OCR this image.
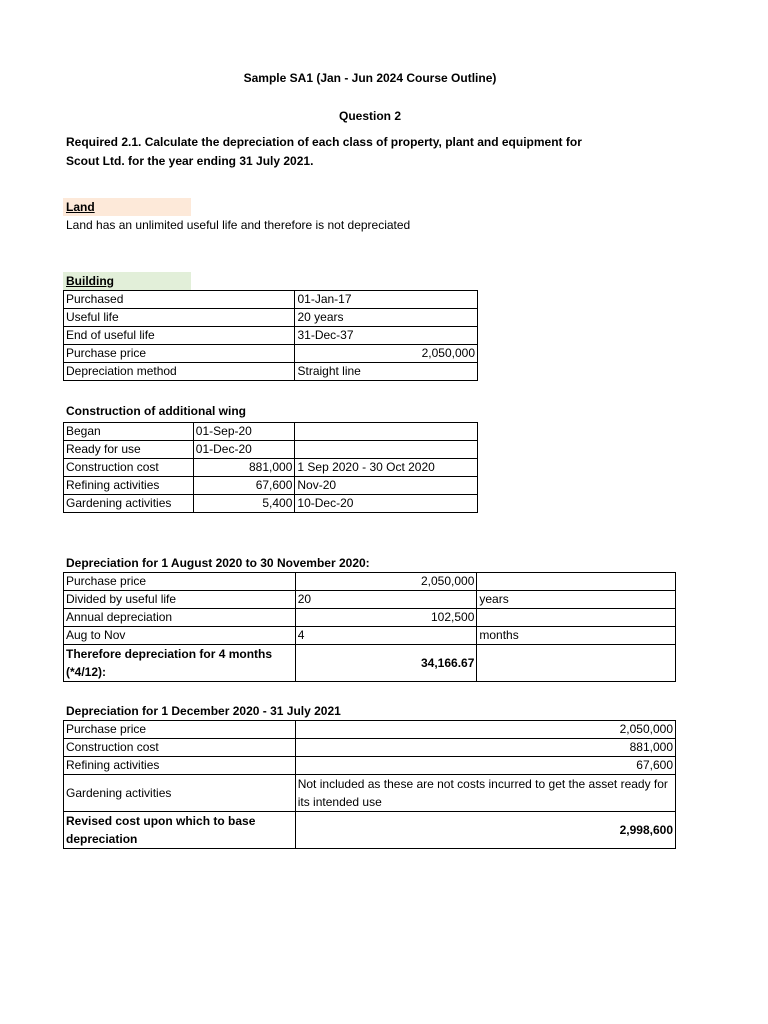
Sample SA1 (Jan - Jun 2024 Course Outline)
Question 2
Required 2.1. Calculate the depreciation of each class of property, plant and equipment for
Scout Ltd. for the year ending 31 July 2021.
Land
Land has an unlimited useful life and therefore is not depreciated
Building
Purchased	01-Jan-17
Useful life	20 years
End of useful life	31-Dec-37
Purchase price	2,050,000
Depreciation method	Straight line
Construction of additional wing
Began	01-Sep-20	
Ready for use	01-Dec-20	
Construction cost	881,000	1 Sep 2020 - 30 Oct 2020
Refining activities	67,600	Nov-20
Gardening activities	5,400	10-Dec-20
Depreciation for 1 August 2020 to 30 November 2020:
Purchase price	2,050,000	
Divided by useful life	20	years
Annual depreciation	102,500	
Aug to Nov	4	months
Therefore depreciation for 4 months (*4/12):	34,166.67	
Depreciation for 1 December 2020 - 31 July 2021
Purchase price	2,050,000
Construction cost	881,000
Refining activities	67,600
Gardening activities	Not included as these are not costs incurred to get the asset ready for its intended use
Revised cost upon which to base depreciation	2,998,600
